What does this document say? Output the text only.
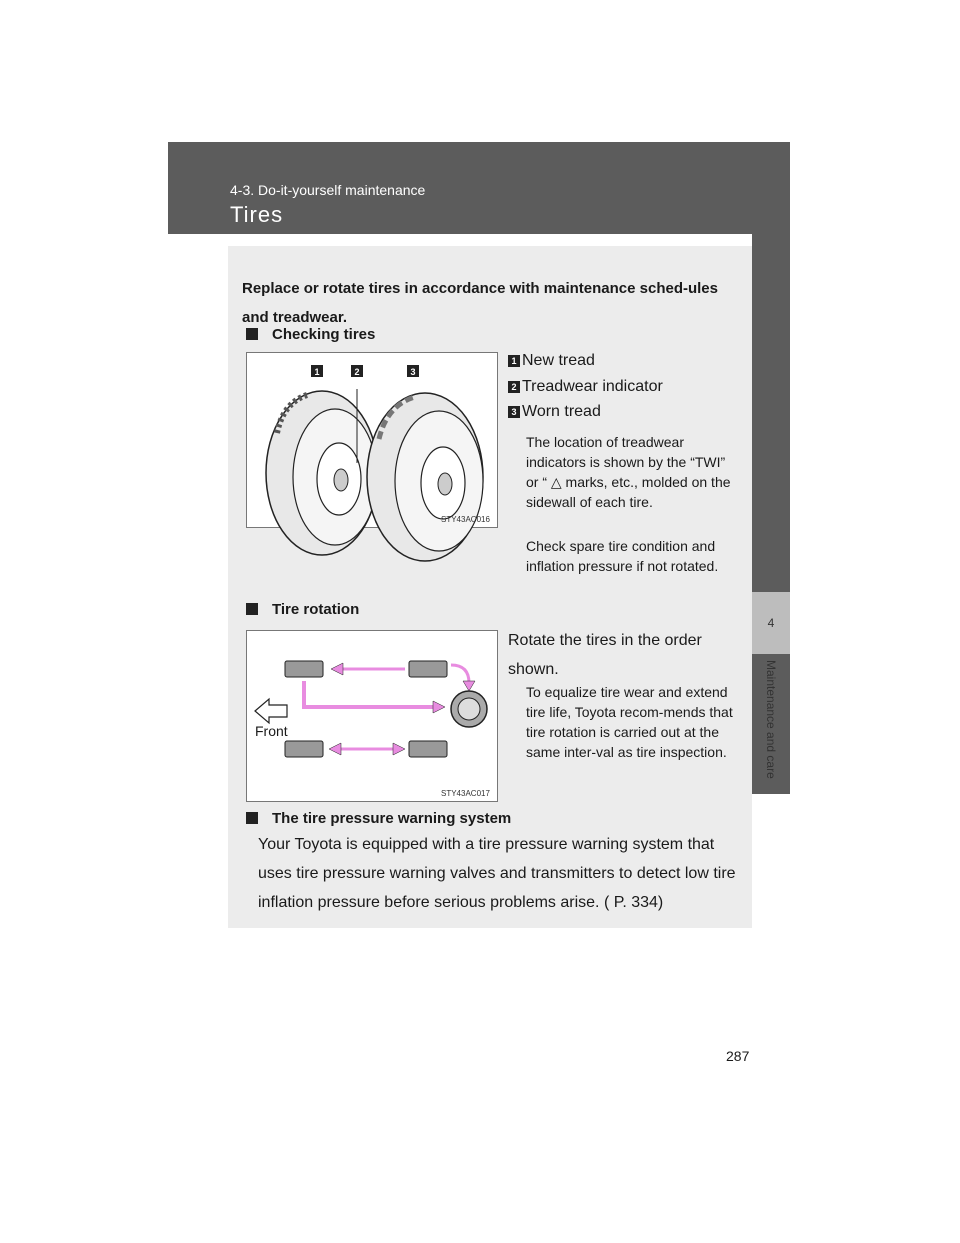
4-3. Do-it-yourself maintenance
Tires
4
Maintenance and care
Replace or rotate tires in accordance with maintenance sched-ules and treadwear.
Checking tires
1	2	3
STY43AC016
1 New tread
2 Treadwear indicator
3 Worn tread
The location of treadwear indicators is shown by the “TWI” or “ △ marks, etc., molded on the sidewall of each tire.
Check spare tire condition and inflation pressure if not rotated.
Tire rotation
Front
STY43AC017
Rotate the tires in the order shown.
To equalize tire wear and extend tire life, Toyota recom-mends that tire rotation is carried out at the same inter-val as tire inspection.
The tire pressure warning system
Your Toyota is equipped with a tire pressure warning system that uses tire pressure warning valves and transmitters to detect low tire inflation pressure before serious problems arise. ( P. 334)
287
